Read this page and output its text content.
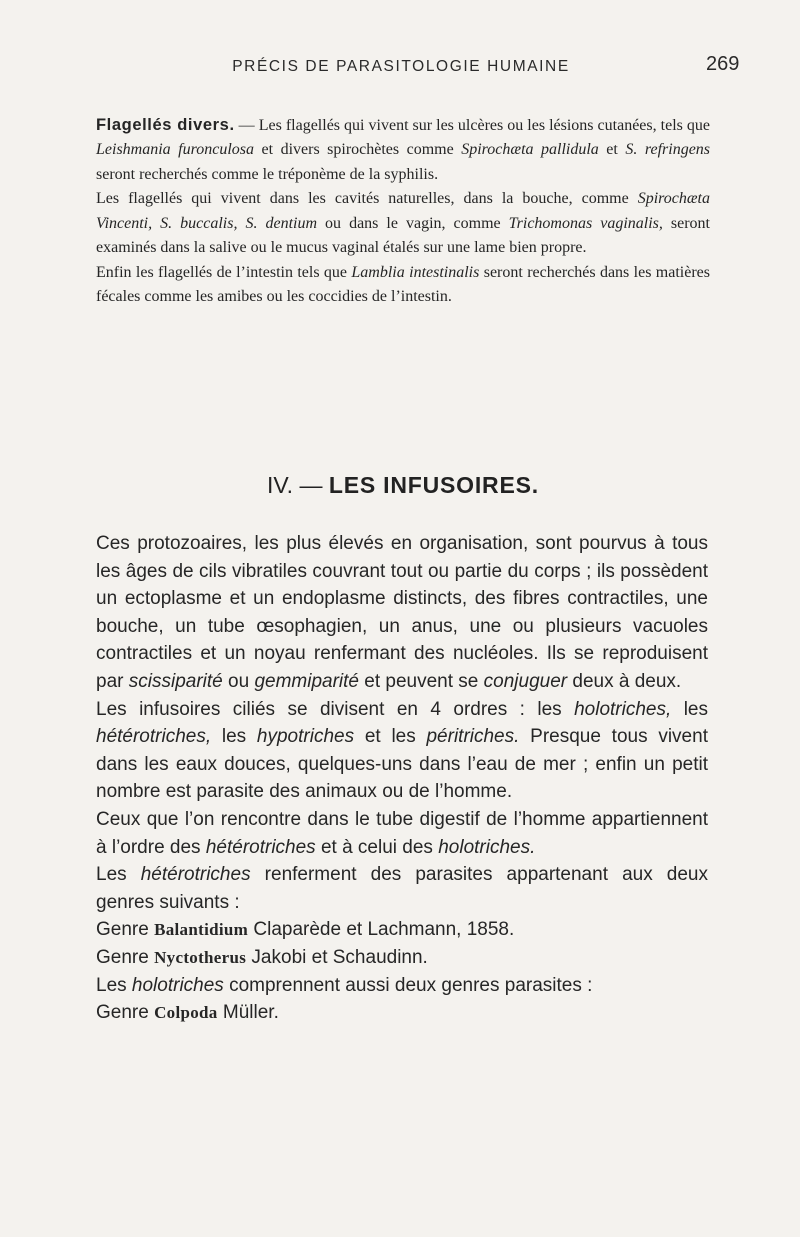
PRÉCIS DE PARASITOLOGIE HUMAINE	269

Flagellés divers. — Les flagellés qui vivent sur les ulcères ou les lésions cutanées, tels que Leishmania furonculosa et divers spirochètes comme Spirochæta pallidula et S. refringens seront recherchés comme le tréponème de la syphilis.

Les flagellés qui vivent dans les cavités naturelles, dans la bouche, comme Spirochæta Vincenti, S. buccalis, S. dentium ou dans le vagin, comme Trichomonas vaginalis, seront examinés dans la salive ou le mucus vaginal étalés sur une lame bien propre.

Enfin les flagellés de l’intestin tels que Lamblia intestinalis seront recherchés dans les matières fécales comme les amibes ou les coccidies de l’intestin.

IV. — LES INFUSOIRES.

Ces protozoaires, les plus élevés en organisation, sont pourvus à tous les âges de cils vibratiles couvrant tout ou partie du corps ; ils possèdent un ectoplasme et un endoplasme distincts, des fibres contractiles, une bouche, un tube œsophagien, un anus, une ou plusieurs vacuoles contractiles et un noyau renfermant des nucléoles. Ils se reproduisent par scissiparité ou gemmiparité et peuvent se conjuguer deux à deux.

Les infusoires ciliés se divisent en 4 ordres : les holotriches, les hétérotriches, les hypotriches et les péritriches. Presque tous vivent dans les eaux douces, quelques-uns dans l’eau de mer ; enfin un petit nombre est parasite des animaux ou de l’homme.

Ceux que l’on rencontre dans le tube digestif de l’homme appartiennent à l’ordre des hétérotriches et à celui des holotriches.

Les hétérotriches renferment des parasites appartenant aux deux genres suivants :

Genre Balantidium Claparède et Lachmann, 1858.

Genre Nyctotherus Jakobi et Schaudinn.

Les holotriches comprennent aussi deux genres parasites :

Genre Colpoda Müller.
